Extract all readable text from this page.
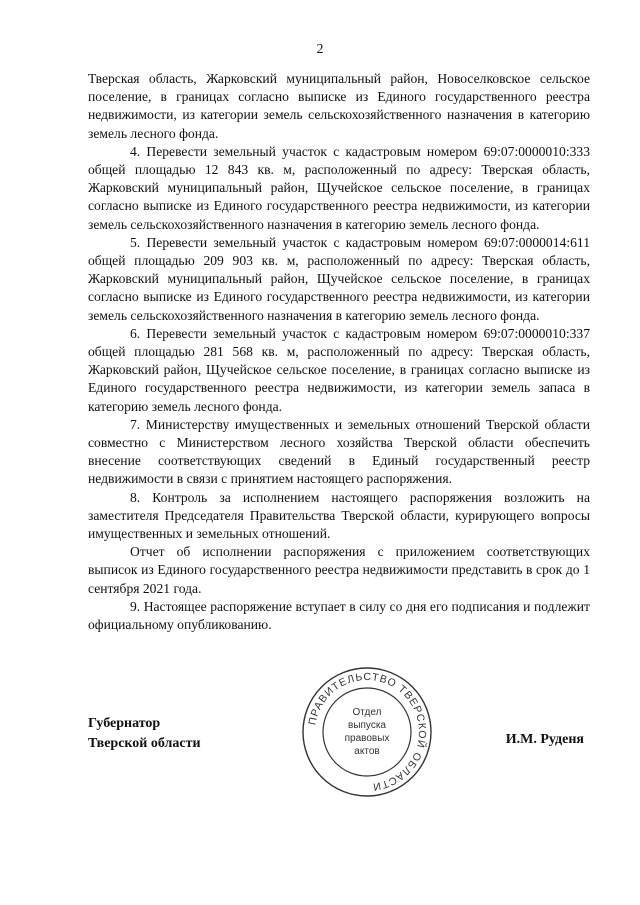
2

Тверская область, Жарковский муниципальный район, Новоселковское сельское поселение, в границах согласно выписке из Единого государственного реестра недвижимости, из категории земель сельскохозяйственного назначения в категорию земель лесного фонда.

4. Перевести земельный участок с кадастровым номером 69:07:0000010:333 общей площадью 12 843 кв. м, расположенный по адресу: Тверская область, Жарковский муниципальный район, Щучейское сельское поселение, в границах согласно выписке из Единого государственного реестра недвижимости, из категории земель сельскохозяйственного назначения в категорию земель лесного фонда.

5. Перевести земельный участок с кадастровым номером 69:07:0000014:611 общей площадью 209 903 кв. м, расположенный по адресу: Тверская область, Жарковский муниципальный район, Щучейское сельское поселение, в границах согласно выписке из Единого государственного реестра недвижимости, из категории земель сельскохозяйственного назначения в категорию земель лесного фонда.

6. Перевести земельный участок с кадастровым номером 69:07:0000010:337 общей площадью 281 568 кв. м, расположенный по адресу: Тверская область, Жарковский район, Щучейское сельское поселение, в границах согласно выписке из Единого государственного реестра недвижимости, из категории земель запаса в категорию земель лесного фонда.

7. Министерству имущественных и земельных отношений Тверской области совместно с Министерством лесного хозяйства Тверской области обеспечить внесение соответствующих сведений в Единый государственный реестр недвижимости в связи с принятием настоящего распоряжения.

8. Контроль за исполнением настоящего распоряжения возложить на заместителя Председателя Правительства Тверской области, курирующего вопросы имущественных и земельных отношений.

Отчет об исполнении распоряжения с приложением соответствующих выписок из Единого государственного реестра недвижимости представить в срок до 1 сентября 2021 года.

9. Настоящее распоряжение вступает в силу со дня его подписания и подлежит официальному опубликованию.

Губернатор
Тверской области
ПРАВИТЕЛЬСТВО ТВЕРСКОЙ ОБЛАСТИ
Отдел
выпуска
правовых
актов
И.М. Руденя
